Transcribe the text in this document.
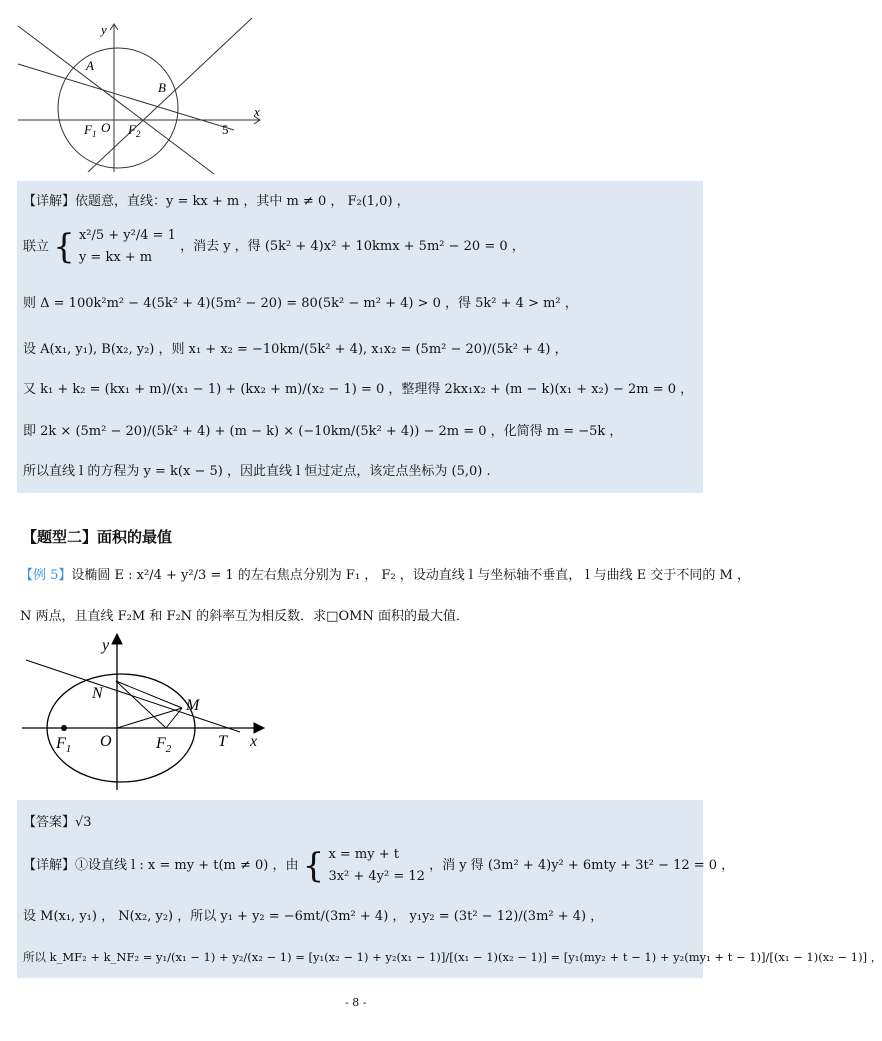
y
x
A
B
$F_1$ O $F_2$	5
【详解】依题意，直线：y = kx + m ，其中 m ≠ 0 ， F₂(1,0) ，
联立 { x²/5 + y²/4 = 1
y = kx + m
，消去 y ，得 (5k² + 4)x² + 10kmx + 5m² − 20 = 0 ，
则 Δ = 100k²m² − 4(5k² + 4)(5m² − 20) = 80(5k² − m² + 4) > 0 ，得 5k² + 4 > m² ，
设 A(x₁, y₁), B(x₂, y₂) ，则 x₁ + x₂ = −10km/(5k² + 4), x₁x₂ = (5m² − 20)/(5k² + 4) ，
又 k₁ + k₂ = (kx₁ + m)/(x₁ − 1) + (kx₂ + m)/(x₂ − 1) = 0 ，整理得 2kx₁x₂ + (m − k)(x₁ + x₂) − 2m = 0 ，
即 2k × (5m² − 20)/(5k² + 4) + (m − k) × (−10km/(5k² + 4)) − 2m = 0 ，化简得 m = −5k ，
所以直线 l 的方程为 y = k(x − 5) ，因此直线 l 恒过定点，该定点坐标为 (5,0) .
【题型二】面积的最值
【例 5】设椭圆 E : x²/4 + y²/3 = 1 的左右焦点分别为 F₁ ， F₂ ，设动直线 l 与坐标轴不垂直， l 与曲线 E 交于不同的 M ，
N 两点，且直线 F₂M 和 F₂N 的斜率互为相反数．求□OMN 面积的最大值．
y
x
N
M
$F_1$ O	$F_2$	T
【答案】√3
【详解】①设直线 l : x = my + t(m ≠ 0) ，由 { x = my + t
3x² + 4y² = 12
，消 y 得 (3m² + 4)y² + 6mty + 3t² − 12 = 0 ，
设 M(x₁, y₁) ， N(x₂, y₂) ，所以 y₁ + y₂ = −6mt/(3m² + 4) ， y₁y₂ = (3t² − 12)/(3m² + 4) ，
所以 k_MF₂ + k_NF₂ = y₁/(x₁ − 1) + y₂/(x₂ − 1) = [y₁(x₂ − 1) + y₂(x₁ − 1)]/[(x₁ − 1)(x₂ − 1)] = [y₁(my₂ + t − 1) + y₂(my₁ + t − 1)]/[(x₁ − 1)(x₂ − 1)] ，
- 8 -
